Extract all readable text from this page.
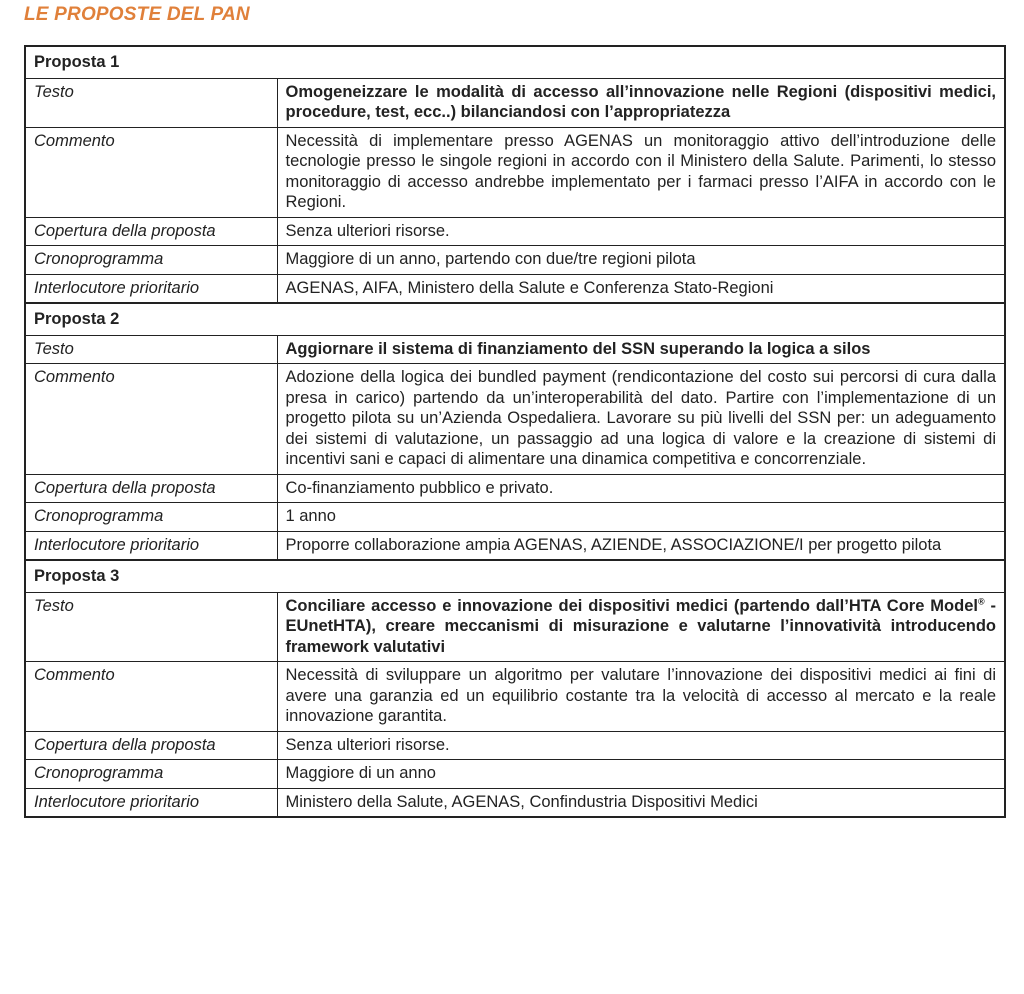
LE PROPOSTE DEL PAN
Proposta 1	
Testo	Omogeneizzare le modalità di accesso all’innovazione nelle Regioni (dispositivi medici, procedure, test, ecc..) bilanciandosi con l’appropriatezza
Commento	Necessità di implementare presso AGENAS un monitoraggio attivo dell’introduzione delle tecnologie presso le singole regioni in accordo con il Ministero della Salute. Parimenti, lo stesso monitoraggio di accesso andrebbe implementato per i farmaci presso l’AIFA in accordo con le Regioni.
Copertura della proposta	Senza ulteriori risorse.
Cronoprogramma	Maggiore di un anno, partendo con due/tre regioni pilota
Interlocutore prioritario	AGENAS, AIFA, Ministero della Salute e Conferenza Stato-Regioni
Proposta 2	
Testo	Aggiornare il sistema di finanziamento del SSN superando la logica a silos
Commento	Adozione della logica dei bundled payment (rendicontazione del costo sui percorsi di cura dalla presa in carico) partendo da un’interoperabilità del dato. Partire con l’implementazione di un progetto pilota su un’Azienda Ospedaliera. Lavorare su più livelli del SSN per: un adeguamento dei sistemi di valutazione, un passaggio ad una logica di valore e la creazione di sistemi di incentivi sani e capaci di alimentare una dinamica competitiva e concorrenziale.
Copertura della proposta	Co-finanziamento pubblico e privato.
Cronoprogramma	1 anno
Interlocutore prioritario	Proporre collaborazione ampia AGENAS, AZIENDE, ASSOCIAZIONE/I per progetto pilota
Proposta 3	
Testo	Conciliare accesso e innovazione dei dispositivi medici (partendo dall’HTA Core Model® - EUnetHTA), creare meccanismi di misurazione e valutarne l’innovatività introducendo framework valutativi
Commento	Necessità di sviluppare un algoritmo per valutare l’innovazione dei dispositivi medici ai fini di avere una garanzia ed un equilibrio costante tra la velocità di accesso al mercato e la reale innovazione garantita.
Copertura della proposta	Senza ulteriori risorse.
Cronoprogramma	Maggiore di un anno
Interlocutore prioritario	Ministero della Salute, AGENAS, Confindustria Dispositivi Medici
